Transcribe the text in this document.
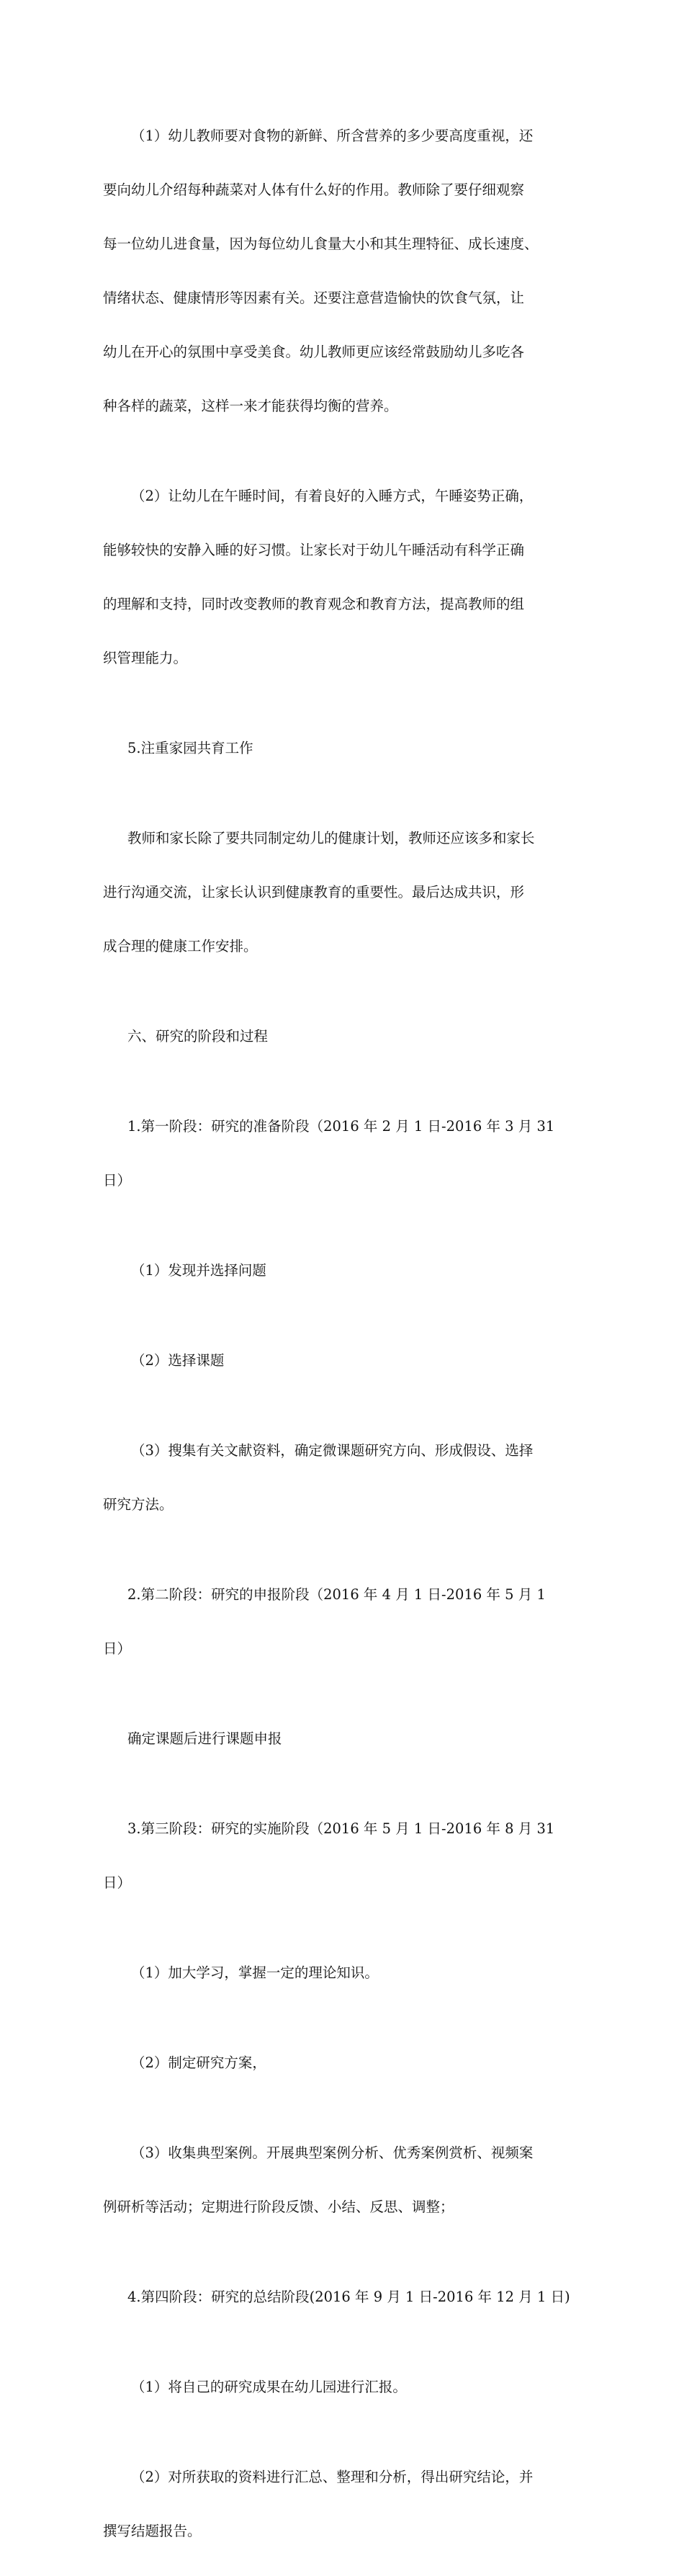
（1）幼儿教师要对食物的新鲜、所含营养的多少要高度重视，还

要向幼儿介绍每种蔬菜对人体有什么好的作用。教师除了要仔细观察

每一位幼儿进食量，因为每位幼儿食量大小和其生理特征、成长速度、

情绪状态、健康情形等因素有关。还要注意营造愉快的饮食气氛，让

幼儿在开心的氛围中享受美食。幼儿教师更应该经常鼓励幼儿多吃各

种各样的蔬菜，这样一来才能获得均衡的营养。

（2）让幼儿在午睡时间，有着良好的入睡方式，午睡姿势正确，

能够较快的安静入睡的好习惯。让家长对于幼儿午睡活动有科学正确

的理解和支持，同时改变教师的教育观念和教育方法，提高教师的组

织管理能力。

5.注重家园共育工作

教师和家长除了要共同制定幼儿的健康计划，教师还应该多和家长

进行沟通交流，让家长认识到健康教育的重要性。最后达成共识，形

成合理的健康工作安排。

六、研究的阶段和过程

1.第一阶段：研究的准备阶段（2016 年 2 月 1 日-2016 年 3 月 31

日）

（1）发现并选择问题

（2）选择课题

（3）搜集有关文献资料，确定微课题研究方向、形成假设、选择

研究方法。

2.第二阶段：研究的申报阶段（2016 年 4 月 1 日-2016 年 5 月 1

日）

确定课题后进行课题申报

3.第三阶段：研究的实施阶段（2016 年 5 月 1 日-2016 年 8 月 31

日）

（1）加大学习，掌握一定的理论知识。

（2）制定研究方案，

（3）收集典型案例。开展典型案例分析、优秀案例赏析、视频案

例研析等活动；定期进行阶段反馈、小结、反思、调整；

4.第四阶段：研究的总结阶段(2016 年 9 月 1 日-2016 年 12 月 1 日)

（1）将自己的研究成果在幼儿园进行汇报。

（2）对所获取的资料进行汇总、整理和分析，得出研究结论，并

撰写结题报告。
